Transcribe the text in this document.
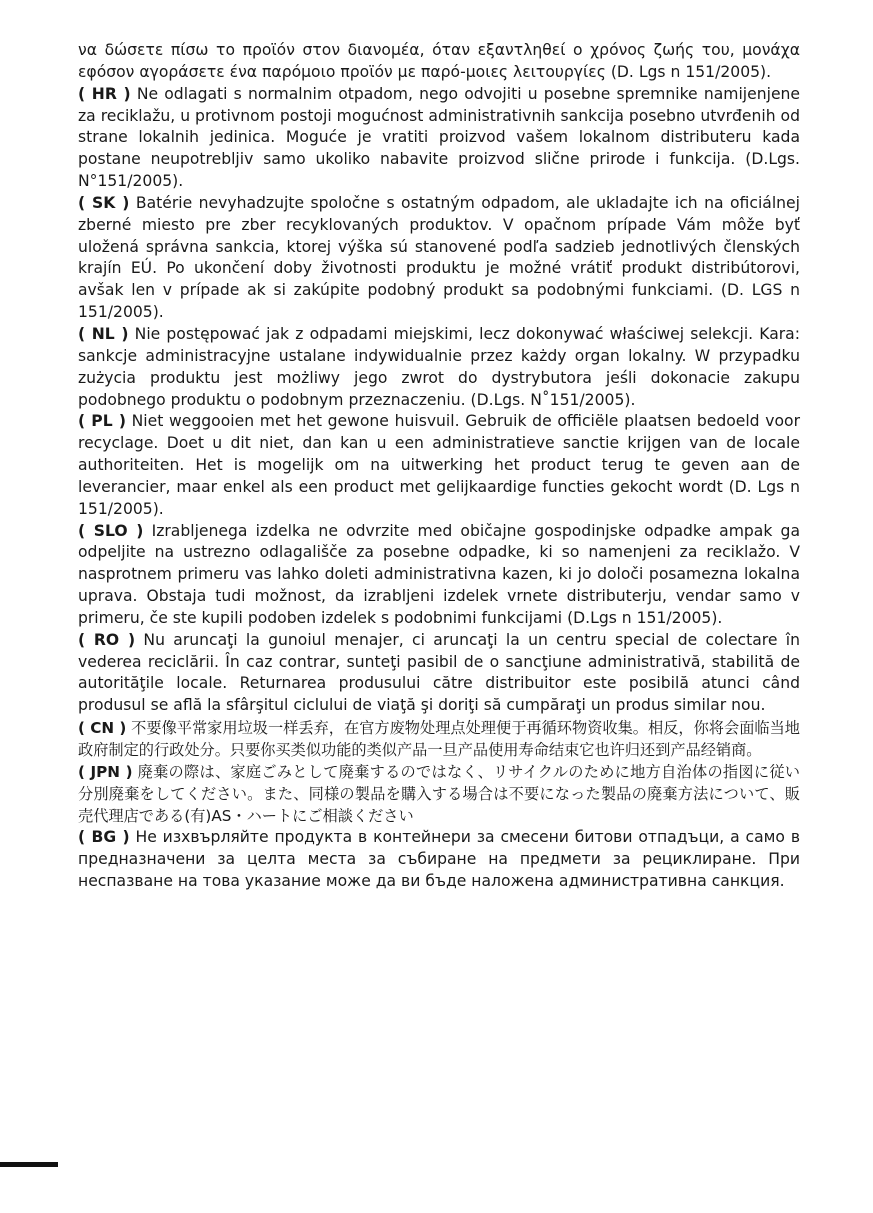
να δώσετε πίσω το προϊόν στον διανομέα, όταν εξαντληθεί ο χρόνος ζωής του, μονάχα εφόσον αγοράσετε ένα παρόμοιο προϊόν με παρό-μοιες λειτουργίες (D. Lgs n 151/2005).

( HR ) Ne odlagati s normalnim otpadom, nego odvojiti u posebne spremnike namijenjene za reciklažu, u protivnom postoji mogućnost administrativnih sankcija posebno utvrđenih od strane lokalnih jedinica. Moguće je vratiti proizvod vašem lokalnom distributeru kada postane neupotrebljiv samo ukoliko nabavite proizvod slične prirode i funkcija. (D.Lgs. N°151/2005).

( SK ) Batérie nevyhadzujte spoločne s ostatným odpadom, ale ukladajte ich na oficiálnej zberné miesto pre zber recyklovaných produktov. V opačnom prípade Vám môže byť uložená správna sankcia, ktorej výška sú stanovené podľa sadzieb jednotlivých členských krajín EÚ. Po ukončení doby životnosti produktu je možné vrátiť produkt distribútorovi, avšak len v prípade ak si zakúpite podobný produkt sa podobnými funkciami. (D. LGS n 151/2005).

( NL ) Nie postępować jak z odpadami miejskimi, lecz dokonywać właściwej selekcji. Kara: sankcje administracyjne ustalane indywidualnie przez każdy organ lokalny. W przypadku zużycia produktu jest możliwy jego zwrot do dystrybutora jeśli dokonacie zakupu podobnego produktu o podobnym przeznaczeniu. (D.Lgs. N˚151/2005).

( PL ) Niet weggooien met het gewone huisvuil. Gebruik de officiële plaatsen bedoeld voor recyclage. Doet u dit niet, dan kan u een administratieve sanctie krijgen van de locale authoriteiten. Het is mogelijk om na uitwerking het product terug te geven aan de leverancier, maar enkel als een product met gelijkaardige functies gekocht wordt (D. Lgs n 151/2005).

( SLO ) Izrabljenega izdelka ne odvrzite med običajne gospodinjske odpadke ampak ga odpeljite na ustrezno odlagališče za posebne odpadke, ki so namenjeni za reciklažo. V nasprotnem primeru vas lahko doleti administrativna kazen, ki jo določi posamezna lokalna uprava. Obstaja tudi možnost, da izrabljeni izdelek vrnete distributerju, vendar samo v primeru, če ste kupili podoben izdelek s podobnimi funkcijami (D.Lgs n 151/2005).

( RO ) Nu aruncaţi la gunoiul menajer, ci aruncaţi la un centru special de colectare în vederea reciclării. În caz contrar, sunteţi pasibil de o sancţiune administrativă, stabilită de autorităţile locale. Returnarea produsului către distribuitor este posibilă atunci când produsul se află la sfârşitul ciclului de viaţă şi doriţi să cumpăraţi un produs similar nou.

( CN ) 不要像平常家用垃圾一样丢弃，在官方废物处理点处理便于再循环物资收集。相反，你将会面临当地政府制定的行政处分。只要你买类似功能的类似产品一旦产品使用寿命结束它也许归还到产品经销商。

( JPN ) 廃棄の際は、家庭ごみとして廃棄するのではなく、リサイクルのために地方自治体の指図に従い分別廃棄をしてください。また、同様の製品を購入する場合は不要になった製品の廃棄方法について、販売代理店である(有)AS・ハートにご相談ください

( BG ) Не изхвърляйте продукта в контейнери за смесени битови отпадъци, а само в предназначени за целта места за събиране на предмети за рециклиране. При неспазване на това указание може да ви бъде наложена административна санкция.
